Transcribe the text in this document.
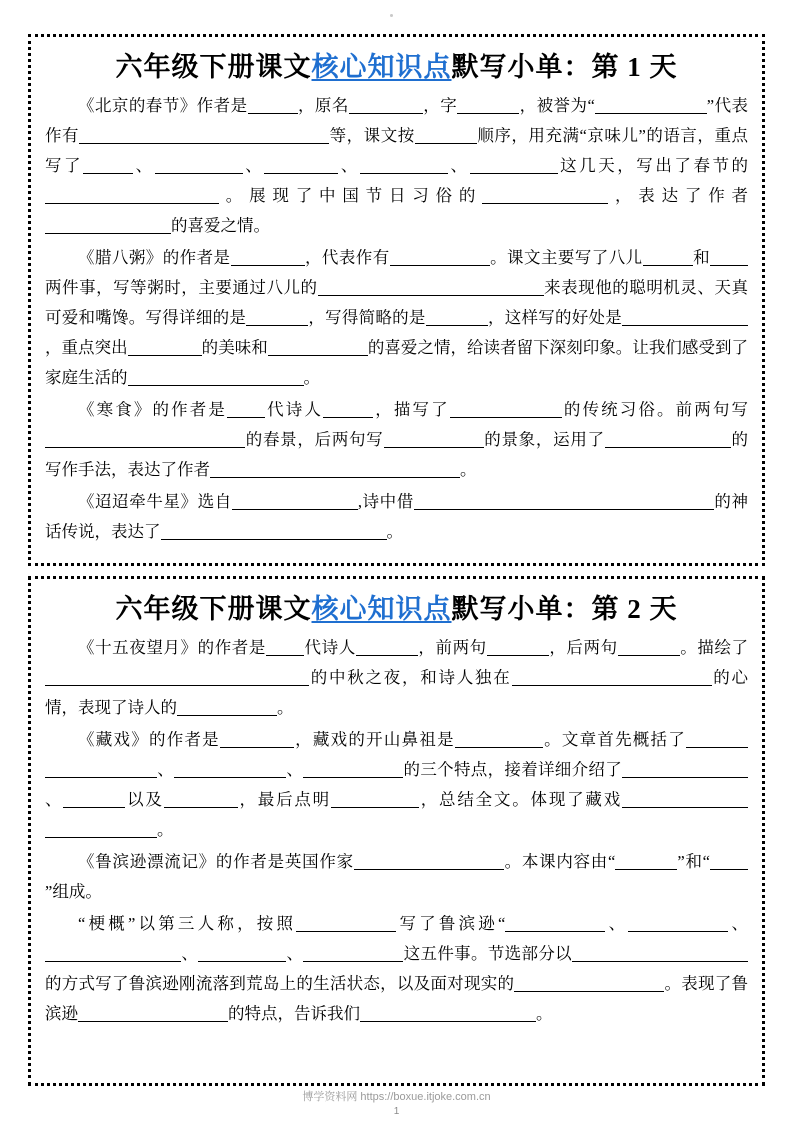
六年级下册课文核心知识点默写小单：第 1 天

《北京的春节》作者是	，原名	，字	，被誉为“	”代表作有	等，课文按	顺序，用充满“京味儿”的语言，重点写了	、	、	、	、	这几天，写出了春节的。展现了中国节日习俗的	，表达了作者的喜爱之情。

《腊八粥》的作者是	，代表作有	。课文主要写了八儿	和两件事，写等粥时，主要通过八儿的	来表现他的聪明机灵、天真可爱和嘴馋。写得详细的是	，写得简略的是	，这样写的好处是，重点突出	的美味和	的喜爱之情，给读者留下深刻印象。让我们感受到了家庭生活的	。

《寒食》的作者是 代诗人	，描写了	的传统习俗。前两句写的春景，后两句写	的景象，运用了	的写作手法，表达了作者	。

《迢迢牵牛星》选自	,诗中借	的神话传说，表达了	。

六年级下册课文核心知识点默写小单：第 2 天

《十五夜望月》的作者是 代诗人	，前两句	，后两句	。描绘了的中秋之夜，和诗人独在	的心情，表现了诗人的	。

《藏戏》的作者是	，藏戏的开山鼻祖是	。文章首先概括了、	、	的三个特点，接着详细介绍了、	以及	，最后点明	，总结全文。体现了藏戏。

《鲁滨逊漂流记》的作者是英国作家	。本课内容由“	”和“”组成。

“梗概”以第三人称，按照	写了鲁滨逊“	、	、、	、	这五件事。节选部分以的方式写了鲁滨逊刚流落到荒岛上的生活状态，以及面对现实的	。表现了鲁滨逊	的特点，告诉我们	。

博学资料网 https://boxue.itjoke.com.cn
1
